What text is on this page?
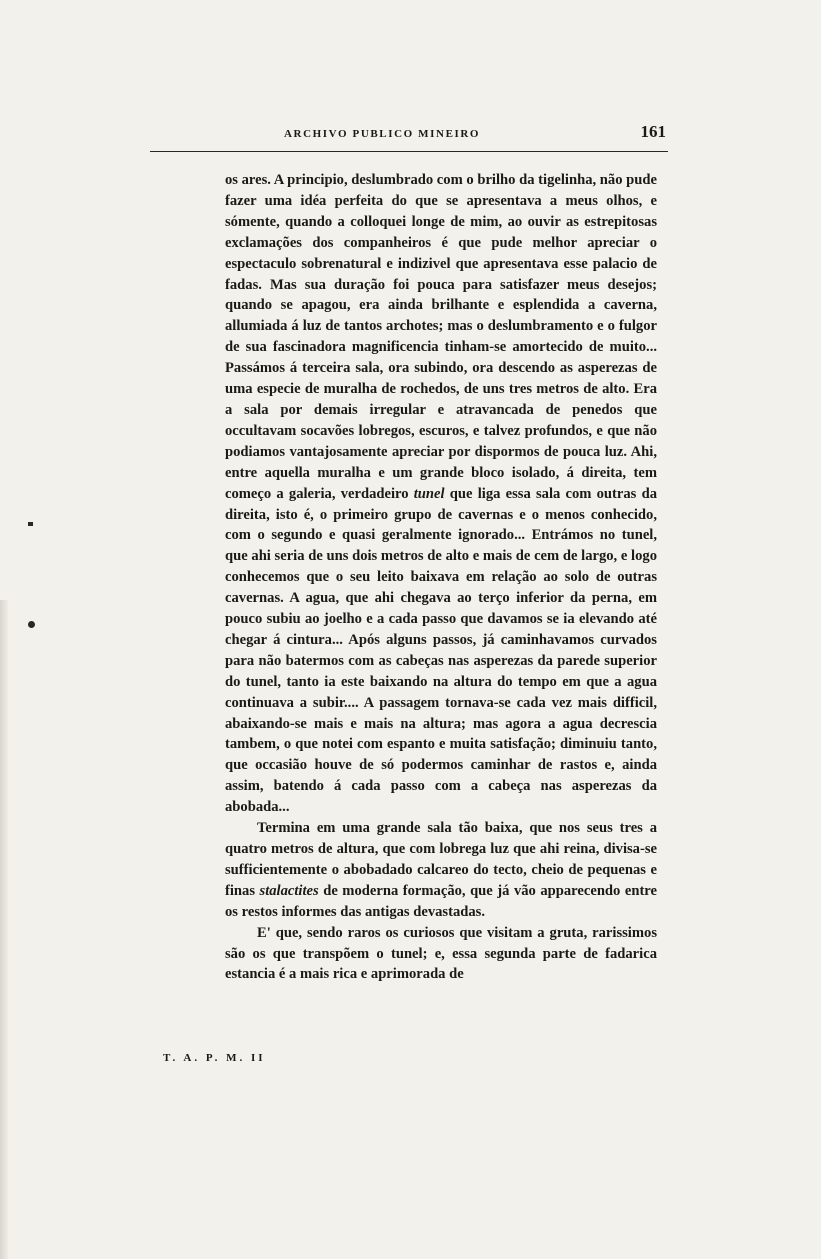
ARCHIVO PUBLICO MINEIRO	161

os ares. A principio, deslumbrado com o brilho da tigelinha, não pude fazer uma idéa perfeita do que se apresentava a meus olhos, e sómente, quando a colloquei longe de mim, ao ouvir as estrepitosas exclamações dos companheiros é que pude melhor apreciar o espectaculo sobrenatural e indizivel que apresentava esse palacio de fadas. Mas sua duração foi pouca para satisfazer meus desejos; quando se apagou, era ainda brilhante e esplendida a caverna, allumiada á luz de tantos archotes; mas o deslumbramento e o fulgor de sua fascinadora magnificencia tinham-se amortecido de muito... Passámos á terceira sala, ora subindo, ora descendo as asperezas de uma especie de muralha de rochedos, de uns tres metros de alto. Era a sala por demais irregular e atravancada de penedos que occultavam socavões lobregos, escuros, e talvez profundos, e que não podiamos vantajosamente apreciar por dispormos de pouca luz. Ahi, entre aquella muralha e um grande bloco isolado, á direita, tem começo a galeria, verdadeiro tunel que liga essa sala com outras da direita, isto é, o primeiro grupo de cavernas e o menos conhecido, com o segundo e quasi geralmente ignorado... Entrámos no tunel, que ahi seria de uns dois metros de alto e mais de cem de largo, e logo conhecemos que o seu leito baixava em relação ao solo de outras cavernas. A agua, que ahi chegava ao terço inferior da perna, em pouco subiu ao joelho e a cada passo que davamos se ia elevando até chegar á cintura... Após alguns passos, já caminhavamos curvados para não batermos com as cabeças nas asperezas da parede superior do tunel, tanto ia este baixando na altura do tempo em que a agua continuava a subir.... A passagem tornava-se cada vez mais difficil, abaixando-se mais e mais na altura; mas agora a agua decrescia tambem, o que notei com espanto e muita satisfação; diminuiu tanto, que occasião houve de só podermos caminhar de rastos e, ainda assim, batendo á cada passo com a cabeça nas asperezas da abobada...

Termina em uma grande sala tão baixa, que nos seus tres a quatro metros de altura, que com lobrega luz que ahi reina, divisa-se sufficientemente o abobadado calcareo do tecto, cheio de pequenas e finas stalactites de moderna formação, que já vão apparecendo entre os restos informes das antigas devastadas.

E' que, sendo raros os curiosos que visitam a gruta, rarissimos são os que transpõem o tunel; e, essa segunda parte de fadarica estancia é a mais rica e aprimorada de

T. A. P. M. II
